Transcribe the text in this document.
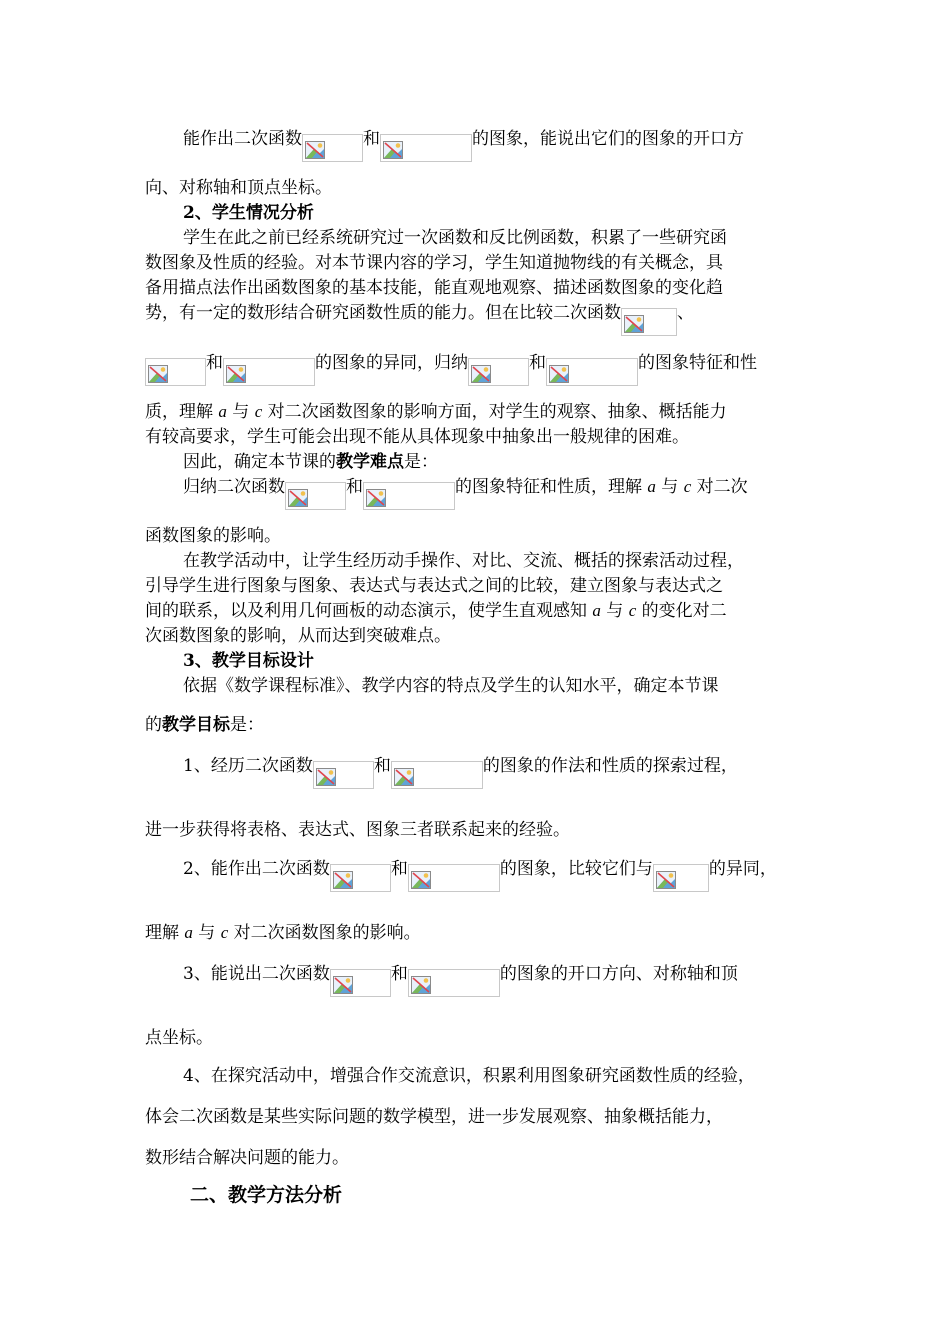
能作出二次函数	和	的图象，能说出它们的图象的开口方
向、对称轴和顶点坐标。
2、学生情况分析
学生在此之前已经系统研究过一次函数和反比例函数，积累了一些研究函
数图象及性质的经验。对本节课内容的学习，学生知道抛物线的有关概念，具
备用描点法作出函数图象的基本技能，能直观地观察、描述函数图象的变化趋
势，有一定的数形结合研究函数性质的能力。但在比较二次函数	、
和	的图象的异同，归纳	和	的图象特征和性
质，理解 a 与 c 对二次函数图象的影响方面，对学生的观察、抽象、概括能力
有较高要求，学生可能会出现不能从具体现象中抽象出一般规律的困难。
因此，确定本节课的教学难点是：
归纳二次函数	和	的图象特征和性质，理解 a 与 c 对二次
函数图象的影响。
在教学活动中，让学生经历动手操作、对比、交流、概括的探索活动过程，
引导学生进行图象与图象、表达式与表达式之间的比较，建立图象与表达式之
间的联系，以及利用几何画板的动态演示，使学生直观感知 a 与 c 的变化对二
次函数图象的影响，从而达到突破难点。
3、教学目标设计
依据《数学课程标准》、教学内容的特点及学生的认知水平，确定本节课
的教学目标是：
1、经历二次函数	和	的图象的作法和性质的探索过程，
进一步获得将表格、表达式、图象三者联系起来的经验。
2、能作出二次函数	和	的图象，比较它们与	的异同，
理解 a 与 c 对二次函数图象的影响。
3、能说出二次函数	和	的图象的开口方向、对称轴和顶
点坐标。
4、在探究活动中，增强合作交流意识，积累利用图象研究函数性质的经验，
体会二次函数是某些实际问题的数学模型，进一步发展观察、抽象概括能力，
数形结合解决问题的能力。
二、教学方法分析
